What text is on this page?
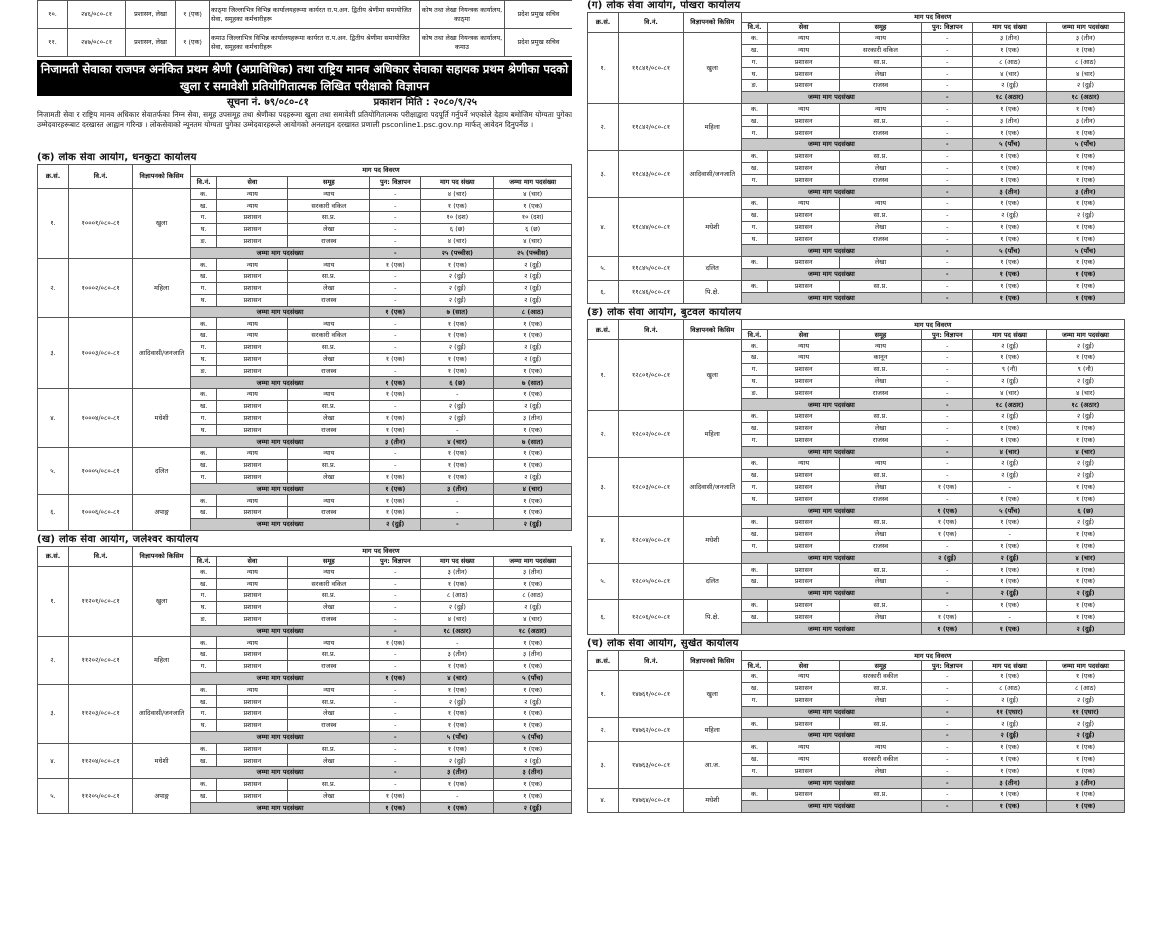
१०.	२४६/०८०-८१	प्रशासन, लेखा	१ (एक)	काठ्मा जिल्लाभित्र विभिन्न कार्यालयहरूमा कार्यरत रा.प.अन. द्वितीय श्रेणीमा समायोजित सेवा, समूहका कर्मचारीहरू	कोष तथा लेखा नियन्त्रक कार्यालय, काठ्मा	प्रदेश प्रमुख सचिव
११.	२४७/०८०-८१	प्रशासन, लेखा	१ (एक)	कमाउ जिल्लाभित्र विभिन्न कार्यालयहरूमा कार्यरत रा.प.अन. द्वितीय श्रेणीमा समायोजित सेवा, समूहका कर्मचारीहरू	कोष तथा लेखा नियन्त्रक कार्यालय, कमाउ	प्रदेश प्रमुख सचिव
निजामती सेवाका राजपत्र अनंकित प्रथम श्रेणी (अप्राविधिक) तथा राष्ट्रिय मानव अधिकार सेवाका सहायक प्रथम श्रेणीका पदको खुला र समावेशी प्रतियोगितात्मक लिखित परीक्षाको विज्ञापन
सूचना नं. ७९/०८०-८१	प्रकाशन मिति : २०८०/९/२५
निजामती सेवा र राष्ट्रिय मानव अधिकार सेवातर्फका निम्न सेवा, समूह उपसमूह तथा श्रेणीका पदहरूमा खुला तथा समावेशी प्रतियोगितात्मक परीक्षाद्वारा पदपूर्ति गर्नुपर्ने भएकोले देहाय बमोजिम योग्यता पुगेका उम्मेदवारहरूबाट दरखास्त आह्वान गरिन्छ । लोकसेवाको न्यूनतम योग्यता पुगेका उम्मेदवारहरूले आयोगको अनलाइन दरखास्त प्रणाली psconline1.psc.gov.np मार्फत् आवेदन दिनुपर्नेछ ।
(क) लोक सेवा आयोग, धनकुटा कार्यालय
क्र.सं.	वि.नं.	विज्ञापनको किसिम	माग पद विवरण					
			वि.नं.	सेवा	समूह	पुन: विज्ञापन	माग पद संख्या	जम्मा माग पदसंख्या
१.	१०००१/०८०-८१	खुला	क.	न्याय	न्याय	-	४ (चार)	४ (चार)
			ख.	न्याय	सरकारी वकिल	-	१ (एक)	१ (एक)
			ग.	प्रशासन	सा.प्र.	-	१० (दश)	१० (दश)
			घ.	प्रशासन	लेखा	-	६ (छ)	६ (छ)
			ङ.	प्रशासन	राजस्व	-	४ (चार)	४ (चार)
			जम्मा माग पदसंख्या			-	२५ (पच्चीस)	२५ (पच्चीस)
२.	१०००२/०८०-८१	महिला	क.	न्याय	न्याय	१ (एक)	१ (एक)	२ (दुई)
			ख.	प्रशासन	सा.प्र.	-	२ (दुई)	२ (दुई)
			ग.	प्रशासन	लेखा	-	२ (दुई)	२ (दुई)
			घ.	प्रशासन	राजस्व	-	२ (दुई)	२ (दुई)
			जम्मा माग पदसंख्या			१ (एक)	७ (सात)	८ (आठ)
३.	१०००३/०८०-८१	आदिवासी/जनजाति	क.	न्याय	न्याय	-	१ (एक)	१ (एक)
			ख.	न्याय	सरकारी वकिल	-	१ (एक)	१ (एक)
			ग.	प्रशासन	सा.प्र.	-	२ (दुई)	२ (दुई)
			घ.	प्रशासन	लेखा	१ (एक)	१ (एक)	२ (दुई)
			ङ.	प्रशासन	राजस्व	-	१ (एक)	१ (एक)
			जम्मा माग पदसंख्या			१ (एक)	६ (छ)	७ (सात)
४.	१०००४/०८०-८१	मधेशी	क.	न्याय	न्याय	१ (एक)	-	१ (एक)
			ख.	प्रशासन	सा.प्र.	-	२ (दुई)	२ (दुई)
			ग.	प्रशासन	लेखा	१ (एक)	२ (दुई)	३ (तीन)
			घ.	प्रशासन	राजस्व	१ (एक)	-	१ (एक)
			जम्मा माग पदसंख्या			३ (तीन)	४ (चार)	७ (सात)
५.	१०००५/०८०-८१	दलित	क.	न्याय	न्याय	-	१ (एक)	१ (एक)
			ख.	प्रशासन	सा.प्र.	-	१ (एक)	१ (एक)
			ग.	प्रशासन	लेखा	१ (एक)	१ (एक)	२ (दुई)
			जम्मा माग पदसंख्या			१ (एक)	३ (तीन)	४ (चार)
६.	१०००६/०८०-८१	अपाङ्ग	क.	न्याय	न्याय	१ (एक)	-	१ (एक)
			ख.	प्रशासन	राजस्व	१ (एक)	-	१ (एक)
			जम्मा माग पदसंख्या			२ (दुई)	-	२ (दुई)
(ख) लोक सेवा आयोग, जलेश्वर कार्यालय
क्र.सं.	वि.नं.	विज्ञापनको किसिम	माग पद विवरण					
			वि.नं.	सेवा	समूह	पुन: विज्ञापन	माग पद संख्या	जम्मा माग पदसंख्या
१.	११२०१/०८०-८१	खुला	क.	न्याय	न्याय	-	३ (तीन)	३ (तीन)
			ख.	न्याय	सरकारी वकिल	-	१ (एक)	१ (एक)
			ग.	प्रशासन	सा.प्र.	-	८ (आठ)	८ (आठ)
			घ.	प्रशासन	लेखा	-	२ (दुई)	२ (दुई)
			ङ.	प्रशासन	राजस्व	-	४ (चार)	४ (चार)
			जम्मा माग पदसंख्या			-	१८ (अठार)	१८ (अठार)
२.	११२०२/०८०-८१	महिला	क.	न्याय	न्याय	१ (एक)	-	१ (एक)
			ख.	प्रशासन	सा.प्र.	-	३ (तीन)	३ (तीन)
			ग.	प्रशासन	राजस्व	-	१ (एक)	१ (एक)
			जम्मा माग पदसंख्या			१ (एक)	४ (चार)	५ (पाँच)
३.	११२०३/०८०-८१	आदिवासी/जनजाति	क.	न्याय	न्याय	-	१ (एक)	१ (एक)
			ख.	प्रशासन	सा.प्र.	-	२ (दुई)	२ (दुई)
			ग.	प्रशासन	लेखा	-	१ (एक)	१ (एक)
			घ.	प्रशासन	राजस्व	-	१ (एक)	१ (एक)
			जम्मा माग पदसंख्या			-	५ (पाँच)	५ (पाँच)
४.	११२०४/०८०-८१	मधेशी	क.	प्रशासन	सा.प्र.	-	१ (एक)	१ (एक)
			ख.	प्रशासन	लेखा	-	२ (दुई)	२ (दुई)
			जम्मा माग पदसंख्या			-	३ (तीन)	३ (तीन)
५.	११२०५/०८०-८१	अपाङ्ग	क.	प्रशासन	सा.प्र.	-	१ (एक)	१ (एक)
			ख.	प्रशासन	लेखा	१ (एक)	-	१ (एक)
			जम्मा माग पदसंख्या			१ (एक)	१ (एक)	२ (दुई)
(ग) लोक सेवा आयोग, पोखरा कार्यालय
क्र.सं.	वि.नं.	विज्ञापनको किसिम	माग पद विवरण					
			वि.नं.	सेवा	समूह	पुन: विज्ञापन	माग पद संख्या	जम्मा माग पदसंख्या
१.	११८४१/०८०-८१	खुला	क.	न्याय	न्याय	-	३ (तीन)	३ (तीन)
			ख.	न्याय	सरकारी वकिल	-	१ (एक)	१ (एक)
			ग.	प्रशासन	सा.प्र.	-	८ (आठ)	८ (आठ)
			घ.	प्रशासन	लेखा	-	४ (चार)	४ (चार)
			ङ.	प्रशासन	राजस्व	-	२ (दुई)	२ (दुई)
			जम्मा माग पदसंख्या			-	१८ (अठार)	१८ (अठार)
२.	११८४२/०८०-८१	महिला	क.	न्याय	न्याय	-	१ (एक)	१ (एक)
			ख.	प्रशासन	सा.प्र.	-	३ (तीन)	३ (तीन)
			ग.	प्रशासन	राजस्व	-	१ (एक)	१ (एक)
			जम्मा माग पदसंख्या			-	५ (पाँच)	५ (पाँच)
३.	११८४३/०८०-८१	आदिवासी/जनजाति	क.	प्रशासन	सा.प्र.	-	१ (एक)	१ (एक)
			ख.	प्रशासन	लेखा	-	१ (एक)	१ (एक)
			ग.	प्रशासन	राजस्व	-	१ (एक)	१ (एक)
			जम्मा माग पदसंख्या			-	३ (तीन)	३ (तीन)
४.	११८४४/०८०-८१	मधेशी	क.	न्याय	न्याय	-	१ (एक)	१ (एक)
			ख.	प्रशासन	सा.प्र.	-	२ (दुई)	२ (दुई)
			ग.	प्रशासन	लेखा	-	१ (एक)	१ (एक)
			घ.	प्रशासन	राजस्व	-	१ (एक)	१ (एक)
			जम्मा माग पदसंख्या			-	५ (पाँच)	५ (पाँच)
५.	११८४५/०८०-८१	दलित	क.	प्रशासन	लेखा	-	१ (एक)	१ (एक)
			जम्मा माग पदसंख्या			-	१ (एक)	१ (एक)
६.	११८४६/०८०-८१	पि.क्षे.	क.	प्रशासन	सा.प्र.	-	१ (एक)	१ (एक)
			जम्मा माग पदसंख्या			-	१ (एक)	१ (एक)
(ङ) लोक सेवा आयोग, बुटवल कार्यालय
क्र.सं.	वि.नं.	विज्ञापनको किसिम	माग पद विवरण					
			वि.नं.	सेवा	समूह	पुन: विज्ञापन	माग पद संख्या	जम्मा माग पदसंख्या
१.	१२८०१/०८०-८१	खुला	क.	न्याय	न्याय	-	२ (दुई)	२ (दुई)
			ख.	न्याय	कानून	-	१ (एक)	१ (एक)
			ग.	प्रशासन	सा.प्र.	-	९ (नौ)	९ (नौ)
			घ.	प्रशासन	लेखा	-	२ (दुई)	२ (दुई)
			ङ.	प्रशासन	राजस्व	-	४ (चार)	४ (चार)
			जम्मा माग पदसंख्या			-	१८ (अठार)	१८ (अठार)
२.	१२८०२/०८०-८१	महिला	क.	प्रशासन	सा.प्र.	-	२ (दुई)	२ (दुई)
			ख.	प्रशासन	लेखा	-	१ (एक)	१ (एक)
			ग.	प्रशासन	राजस्व	-	१ (एक)	१ (एक)
			जम्मा माग पदसंख्या			-	४ (चार)	४ (चार)
३.	१२८०३/०८०-८१	आदिवासी/जनजाति	क.	न्याय	न्याय	-	२ (दुई)	२ (दुई)
			ख.	प्रशासन	सा.प्र.	-	२ (दुई)	२ (दुई)
			ग.	प्रशासन	लेखा	१ (एक)	-	१ (एक)
			घ.	प्रशासन	राजस्व	-	१ (एक)	१ (एक)
			जम्मा माग पदसंख्या			१ (एक)	५ (पाँच)	६ (छ)
४.	१२८०४/०८०-८१	मधेशी	क.	प्रशासन	सा.प्र.	१ (एक)	१ (एक)	२ (दुई)
			ख.	प्रशासन	लेखा	१ (एक)	-	१ (एक)
			ग.	प्रशासन	राजस्व	-	१ (एक)	१ (एक)
			जम्मा माग पदसंख्या			२ (दुई)	२ (दुई)	४ (चार)
५.	१२८०५/०८०-८१	दलित	क.	प्रशासन	सा.प्र.	-	१ (एक)	१ (एक)
			ख.	प्रशासन	लेखा	-	१ (एक)	१ (एक)
			जम्मा माग पदसंख्या			-	२ (दुई)	२ (दुई)
६.	१२८०६/०८०-८१	पि.क्षे.	क.	प्रशासन	सा.प्र.	-	१ (एक)	१ (एक)
			ख.	प्रशासन	लेखा	१ (एक)	-	१ (एक)
			जम्मा माग पदसंख्या			१ (एक)	१ (एक)	२ (दुई)
(च) लोक सेवा आयोग, सुर्खेत कार्यालय
क्र.सं.	वि.नं.	विज्ञापनको किसिम	माग पद विवरण					
			वि.नं.	सेवा	समूह	पुन: विज्ञापन	माग पद संख्या	जम्मा माग पदसंख्या
१.	१४७६१/०८०-८१	खुला	क.	न्याय	सरकारी वकील	-	१ (एक)	१ (एक)
			ख.	प्रशासन	सा.प्र.	-	८ (आठ)	८ (आठ)
			ग.	प्रशासन	लेखा	-	२ (दुई)	२ (दुई)
			जम्मा माग पदसंख्या			-	११ (एघार)	११ (एघार)
२.	१४७६२/०८०-८१	महिला	क.	प्रशासन	सा.प्र.	-	२ (दुई)	२ (दुई)
			जम्मा माग पदसंख्या			-	२ (दुई)	२ (दुई)
३.	१४७६३/०८०-८१	आ.ज.	क.	न्याय	न्याय	-	१ (एक)	१ (एक)
			ख.	न्याय	सरकारी वकील	-	१ (एक)	१ (एक)
			ग.	प्रशासन	लेखा	-	१ (एक)	१ (एक)
			जम्मा माग पदसंख्या			-	३ (तीन)	३ (तीन)
४.	१४७६४/०८०-८१	मधेशी	क.	प्रशासन	सा.प्र.	-	१ (एक)	१ (एक)
			जम्मा माग पदसंख्या			-	१ (एक)	१ (एक)
